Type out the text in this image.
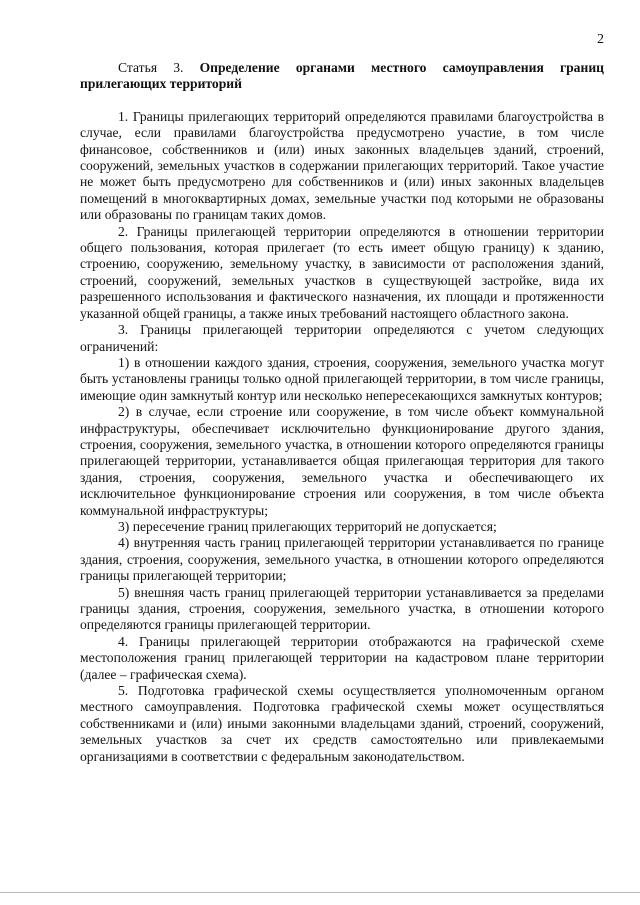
2

Статья 3. Определение органами местного самоуправления границ прилегающих территорий

1. Границы прилегающих территорий определяются правилами благоустройства в случае, если правилами благоустройства предусмотрено участие, в том числе финансовое, собственников и (или) иных законных владельцев зданий, строений, сооружений, земельных участков в содержании прилегающих территорий. Такое участие не может быть предусмотрено для собственников и (или) иных законных владельцев помещений в многоквартирных домах, земельные участки под которыми не образованы или образованы по границам таких домов.

2. Границы прилегающей территории определяются в отношении территории общего пользования, которая прилегает (то есть имеет общую границу) к зданию, строению, сооружению, земельному участку, в зависимости от расположения зданий, строений, сооружений, земельных участков в существующей застройке, вида их разрешенного использования и фактического назначения, их площади и протяженности указанной общей границы, а также иных требований настоящего областного закона.

3. Границы прилегающей территории определяются с учетом следующих ограничений:

1) в отношении каждого здания, строения, сооружения, земельного участка могут быть установлены границы только одной прилегающей территории, в том числе границы, имеющие один замкнутый контур или несколько непересекающихся замкнутых контуров;

2) в случае, если строение или сооружение, в том числе объект коммунальной инфраструктуры, обеспечивает исключительно функционирование другого здания, строения, сооружения, земельного участка, в отношении которого определяются границы прилегающей территории, устанавливается общая прилегающая территория для такого здания, строения, сооружения, земельного участка и обеспечивающего их исключительное функционирование строения или сооружения, в том числе объекта коммунальной инфраструктуры;

3) пересечение границ прилегающих территорий не допускается;

4) внутренняя часть границ прилегающей территории устанавливается по границе здания, строения, сооружения, земельного участка, в отношении которого определяются границы прилегающей территории;

5) внешняя часть границ прилегающей территории устанавливается за пределами границы здания, строения, сооружения, земельного участка, в отношении которого определяются границы прилегающей территории.

4. Границы прилегающей территории отображаются на графической схеме местоположения границ прилегающей территории на кадастровом плане территории (далее – графическая схема).

5. Подготовка графической схемы осуществляется уполномоченным органом местного самоуправления. Подготовка графической схемы может осуществляться собственниками и (или) иными законными владельцами зданий, строений, сооружений, земельных участков за счет их средств самостоятельно или привлекаемыми организациями в соответствии с федеральным законодательством.
